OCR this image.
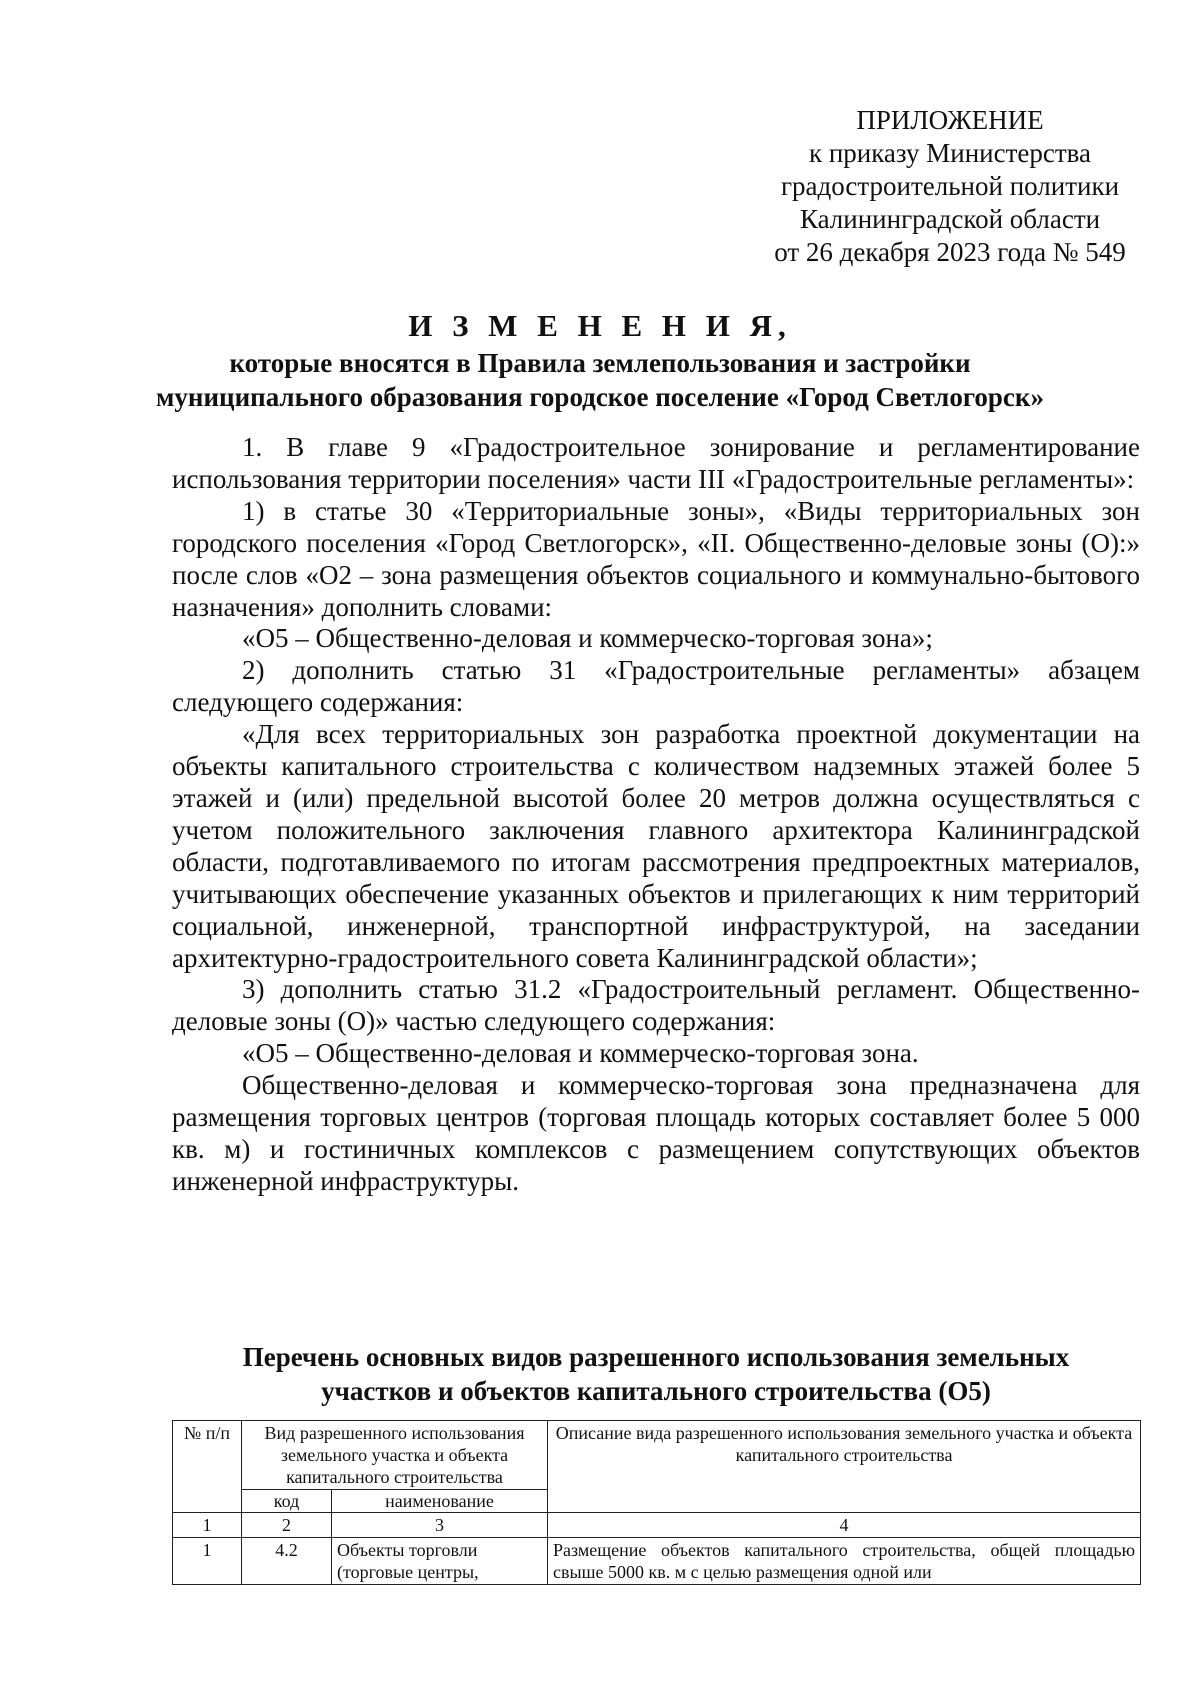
ПРИЛОЖЕНИЕ
к приказу Министерства
градостроительной политики
Калининградской области
от 26 декабря 2023 года № 549
И З М Е Н Е Н И Я,
которые вносятся в Правила землепользования и застройки
муниципального образования городское поселение «Город Светлогорск»

1. В главе 9 «Градостроительное зонирование и регламентирование использования территории поселения» части III «Градостроительные регламенты»:

1) в статье 30 «Территориальные зоны», «Виды территориальных зон городского поселения «Город Светлогорск», «II. Общественно-деловые зоны (О):» после слов «О2 – зона размещения объектов социального и коммунально-бытового назначения» дополнить словами:

«О5 – Общественно-деловая и коммерческо-торговая зона»;

2) дополнить статью 31 «Градостроительные регламенты» абзацем следующего содержания:

«Для всех территориальных зон разработка проектной документации на объекты капитального строительства с количеством надземных этажей более 5 этажей и (или) предельной высотой более 20 метров должна осуществляться с учетом положительного заключения главного архитектора Калининградской области, подготавливаемого по итогам рассмотрения предпроектных материалов, учитывающих обеспечение указанных объектов и прилегающих к ним территорий социальной, инженерной, транспортной инфраструктурой, на заседании архитектурно-градостроительного совета Калининградской области»;

3) дополнить статью 31.2 «Градостроительный регламент. Общественно-деловые зоны (О)» частью следующего содержания:

«О5 – Общественно-деловая и коммерческо-торговая зона.

Общественно-деловая и коммерческо-торговая зона предназначена для размещения торговых центров (торговая площадь которых составляет более 5 000 кв. м) и гостиничных комплексов с размещением сопутствующих объектов инженерной инфраструктуры.

Перечень основных видов разрешенного использования земельных
участков и объектов капитального строительства (О5)
№ п/п	Вид разрешенного использования земельного участка и объекта капитального строительства		Описание вида разрешенного использования земельного участка и объекта капитального строительства
	код	наименование	
1	2	3	4
1	4.2	Объекты торговли (торговые центры,	Размещение объектов капитального строительства, общей площадью свыше 5000 кв. м с целью размещения одной или
